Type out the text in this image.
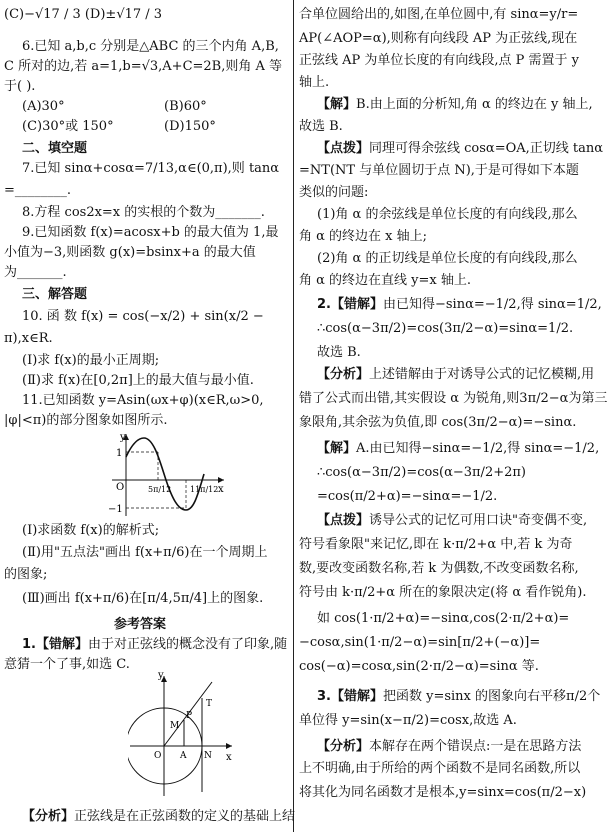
(C)−√17 / 3 (D)±√17 / 3
6.已知 a,b,c 分别是△ABC 的三个内角 A,B,
C 所对的边,若 a=1,b=√3,A+C=2B,则角 A 等
于( ).
(A)30°	(B)60°
(C)30°或 150°	(D)150°
二、填空题
7.已知 sinα+cosα=7/13,α∈(0,π),则 tanα
=________.
8.方程 cos2x=x 的实根的个数为_______.
9.已知函数 f(x)=acosx+b 的最大值为 1,最
小值为−3,则函数 g(x)=bsinx+a 的最大值
为_______.
三、解答题
10. 函 数 f(x) = cos(−x/2) + sin(x/2 −
π),x∈R.
(Ⅰ)求 f(x)的最小正周期;
(Ⅱ)求 f(x)在[0,2π]上的最大值与最小值.
11.已知函数 y=Asin(ωx+φ)(x∈R,ω>0,
|φ|<π)的部分图象如图所示.
y
x
O
1
−1
5π/12 11π/12
(Ⅰ)求函数 f(x)的解析式;
(Ⅱ)用"五点法"画出 f(x+π/6)在一个周期上
的图象;
(Ⅲ)画出 f(x+π/6)在[π/4,5π/4]上的图象.
参考答案
1.【错解】由于对正弦线的概念没有了印象,随
意猜一个了事,如选 C.
y
x
O A N
M
P
T
【分析】正弦线是在正弦函数的定义的基础上结
合单位圆给出的,如图,在单位圆中,有 sinα=y/r=
AP(∠AOP=α),则称有向线段 AP 为正弦线,现在
正弦线 AP 为单位长度的有向线段,点 P 需置于 y
轴上.
【解】B.由上面的分析知,角 α 的终边在 y 轴上,
故选 B.
【点拨】同理可得余弦线 cosα=OA,正切线 tanα
=NT(NT 与单位圆切于点 N),于是可得如下本题
类似的问题:
(1)角 α 的余弦线是单位长度的有向线段,那么
角 α 的终边在 x 轴上;
(2)角 α 的正切线是单位长度的有向线段,那么
角 α 的终边在直线 y=x 轴上.
2.【错解】由已知得−sinα=−1/2,得 sinα=1/2,
∴cos(α−3π/2)=cos(3π/2−α)=sinα=1/2.
故选 B.
【分析】上述错解由于对诱导公式的记忆模糊,用
错了公式而出错,其实假设 α 为锐角,则3π/2−α为第三
象限角,其余弦为负值,即 cos(3π/2−α)=−sinα.
【解】A.由已知得−sinα=−1/2,得 sinα=−1/2,
∴cos(α−3π/2)=cos(α−3π/2+2π)
=cos(π/2+α)=−sinα=−1/2.
【点拨】诱导公式的记忆可用口诀"奇变偶不变,
符号看象限"来记忆,即在 k·π/2+α 中,若 k 为奇
数,要改变函数名称,若 k 为偶数,不改变函数名称,
符号由 k·π/2+α 所在的象限决定(将 α 看作锐角).
如 cos(1·π/2+α)=−sinα,cos(2·π/2+α)=
−cosα,sin(1·π/2−α)=sin[π/2+(−α)]=
cos(−α)=cosα,sin(2·π/2−α)=sinα 等.
3.【错解】把函数 y=sinx 的图象向右平移π/2个
单位得 y=sin(x−π/2)=cosx,故选 A.
【分析】本解存在两个错误点:一是在思路方法
上不明确,由于所给的两个函数不是同名函数,所以
将其化为同名函数才是根本,y=sinx=cos(π/2−x)
